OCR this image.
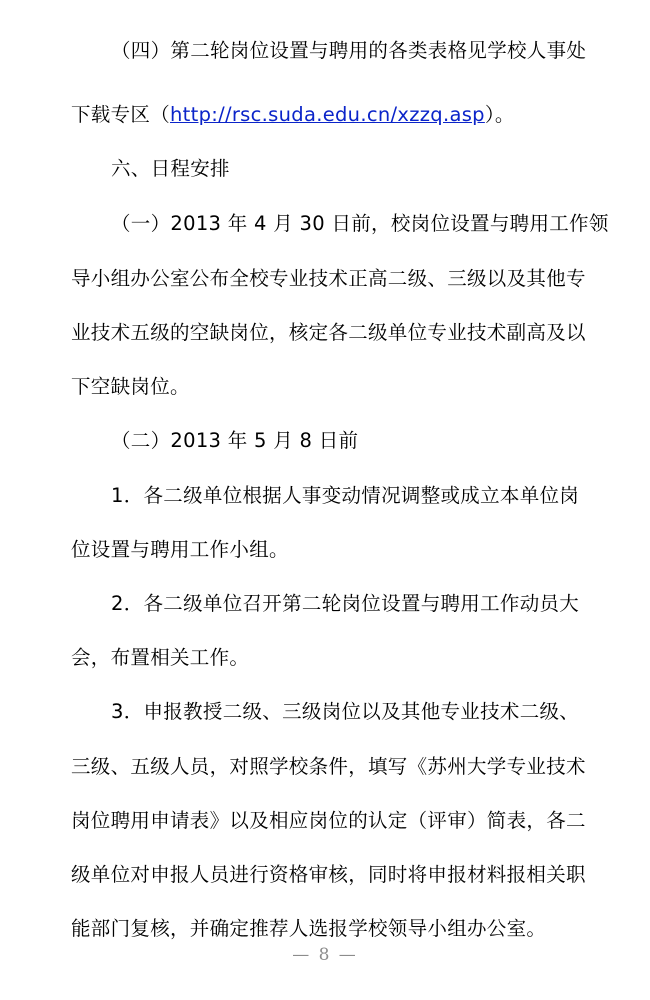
（四）第二轮岗位设置与聘用的各类表格见学校人事处
下载专区（http://rsc.suda.edu.cn/xzzq.asp）。
六、日程安排
（一）2013 年 4 月 30 日前，校岗位设置与聘用工作领
导小组办公室公布全校专业技术正高二级、三级以及其他专
业技术五级的空缺岗位，核定各二级单位专业技术副高及以
下空缺岗位。
（二）2013 年 5 月 8 日前
1．各二级单位根据人事变动情况调整或成立本单位岗
位设置与聘用工作小组。
2．各二级单位召开第二轮岗位设置与聘用工作动员大
会，布置相关工作。
3．申报教授二级、三级岗位以及其他专业技术二级、
三级、五级人员，对照学校条件，填写《苏州大学专业技术
岗位聘用申请表》以及相应岗位的认定（评审）简表，各二
级单位对申报人员进行资格审核，同时将申报材料报相关职
能部门复核，并确定推荐人选报学校领导小组办公室。
— 8 —
